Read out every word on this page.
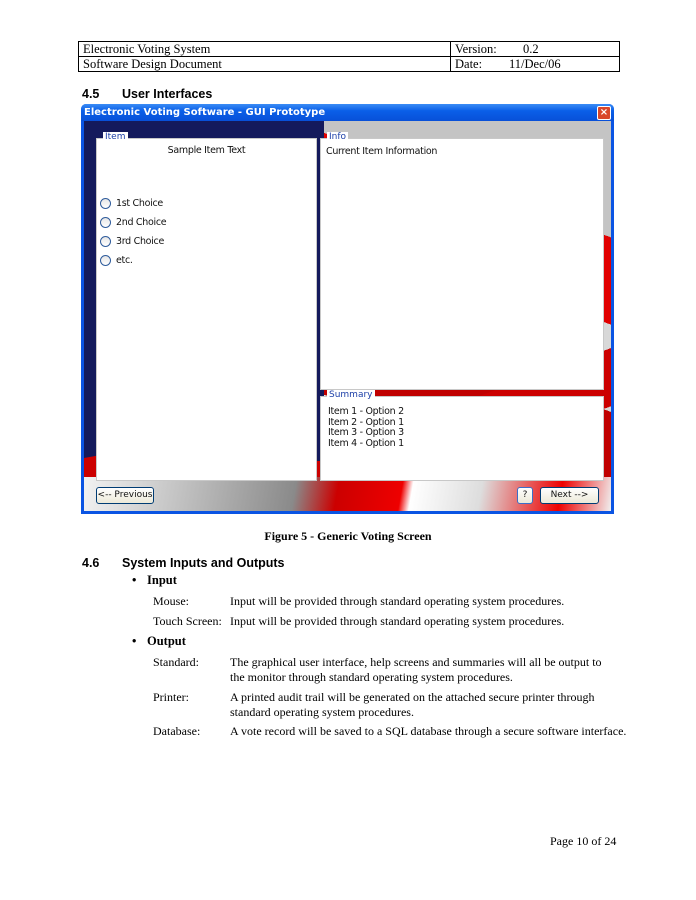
Electronic Voting System	Version: 0.2
Software Design Document	Date: 11/Dec/06
4.5 User Interfaces
Electronic Voting Software - GUI Prototype	×
Item
Sample Item Text
1st Choice
2nd Choice
3rd Choice
etc.
Info
Current Item Information
Summary
Item 1 - Option 2
Item 2 - Option 1
Item 3 - Option 3
Item 4 - Option 1
<-- Previous	?	Next -->
Figure 5 - Generic Voting Screen
4.6 System Inputs and Outputs
• Input
Mouse:	Input will be provided through standard operating system procedures.
Touch Screen: Input will be provided through standard operating system procedures.
• Output
Standard:	The graphical user interface, help screens and summaries will all be output to the monitor through standard operating system procedures.
Printer:	A printed audit trail will be generated on the attached secure printer through standard operating system procedures.
Database:	A vote record will be saved to a SQL database through a secure software interface.
Page 10 of 24
